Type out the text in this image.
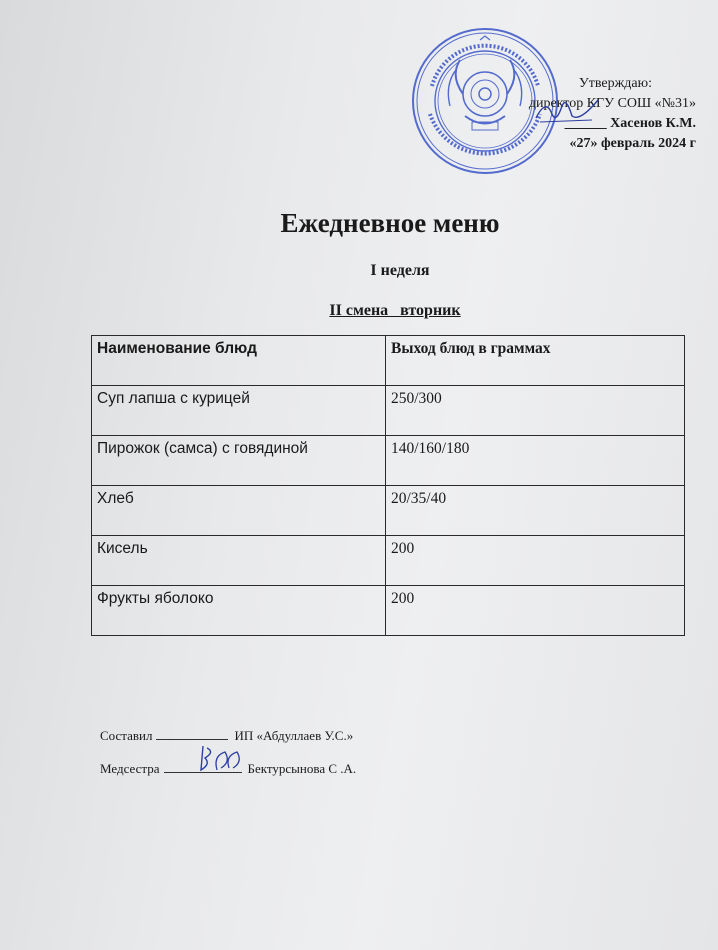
Утверждаю:
директор КГУ СОШ «№31»
______ Хасенов К.М.
«27» февраль 2024 г
Ежедневное меню
I неделя
II смена   вторник
Наименование блюд	Выход блюд в граммах
Суп лапша с курицей	250/300
Пирожок (самса) с говядиной	140/160/180
Хлеб	20/35/40
Кисель	200
Фрукты яболоко	200
Составил	ИП «Абдуллаев У.С.»
Медсестра	Бектурсынова С .А.
